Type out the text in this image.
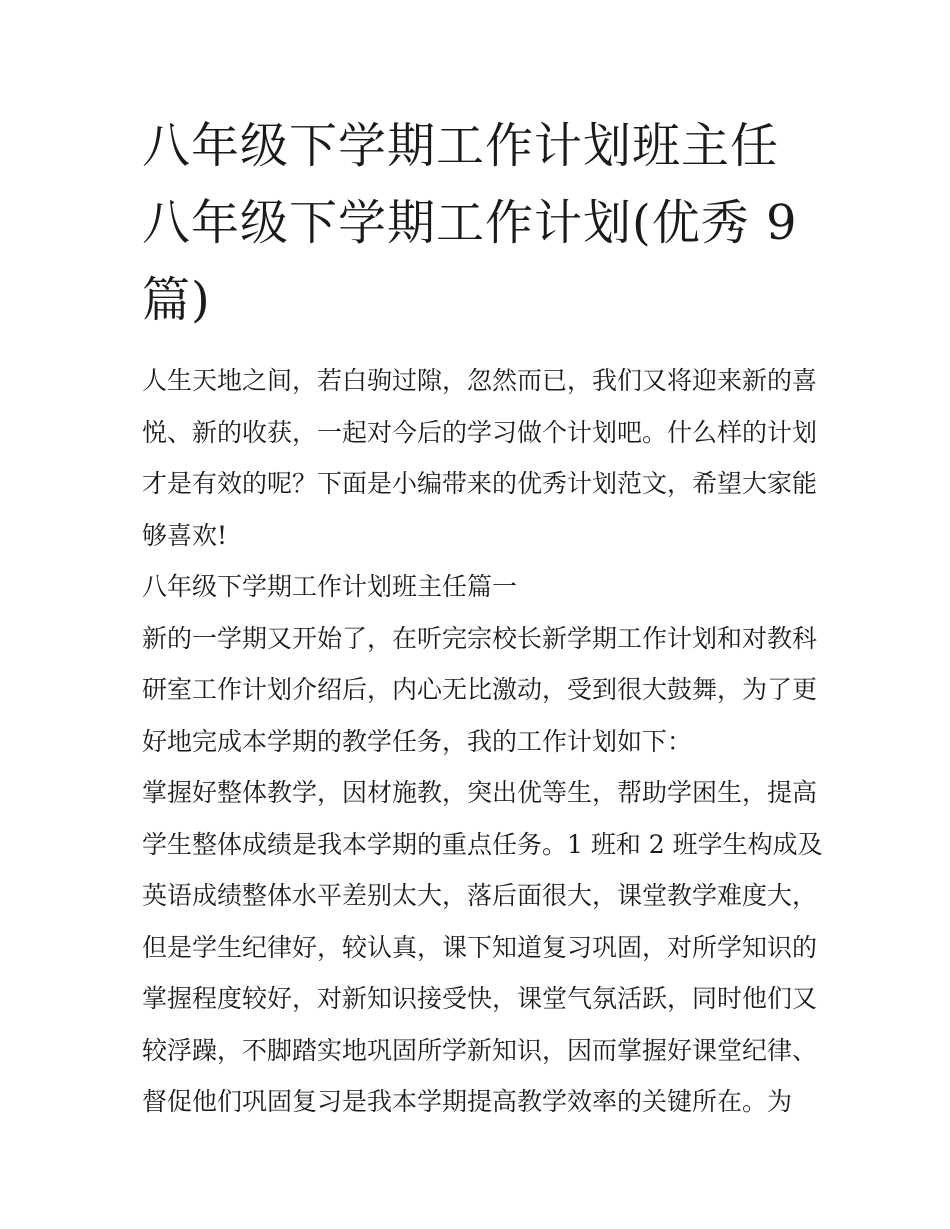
八年级下学期工作计划班主任
八年级下学期工作计划(优秀 9
篇)

人生天地之间，若白驹过隙，忽然而已，我们又将迎来新的喜
悦、新的收获，一起对今后的学习做个计划吧。什么样的计划
才是有效的呢？下面是小编带来的优秀计划范文，希望大家能
够喜欢!

八年级下学期工作计划班主任篇一

新的一学期又开始了，在听完宗校长新学期工作计划和对教科
研室工作计划介绍后，内心无比激动，受到很大鼓舞，为了更
好地完成本学期的教学任务，我的工作计划如下：

掌握好整体教学，因材施教，突出优等生，帮助学困生，提高
学生整体成绩是我本学期的重点任务。1 班和 2 班学生构成及
英语成绩整体水平差别太大，落后面很大，课堂教学难度大，
但是学生纪律好，较认真，课下知道复习巩固，对所学知识的
掌握程度较好，对新知识接受快，课堂气氛活跃，同时他们又
较浮躁，不脚踏实地巩固所学新知识，因而掌握好课堂纪律、
督促他们巩固复习是我本学期提高教学效率的关键所在。为
